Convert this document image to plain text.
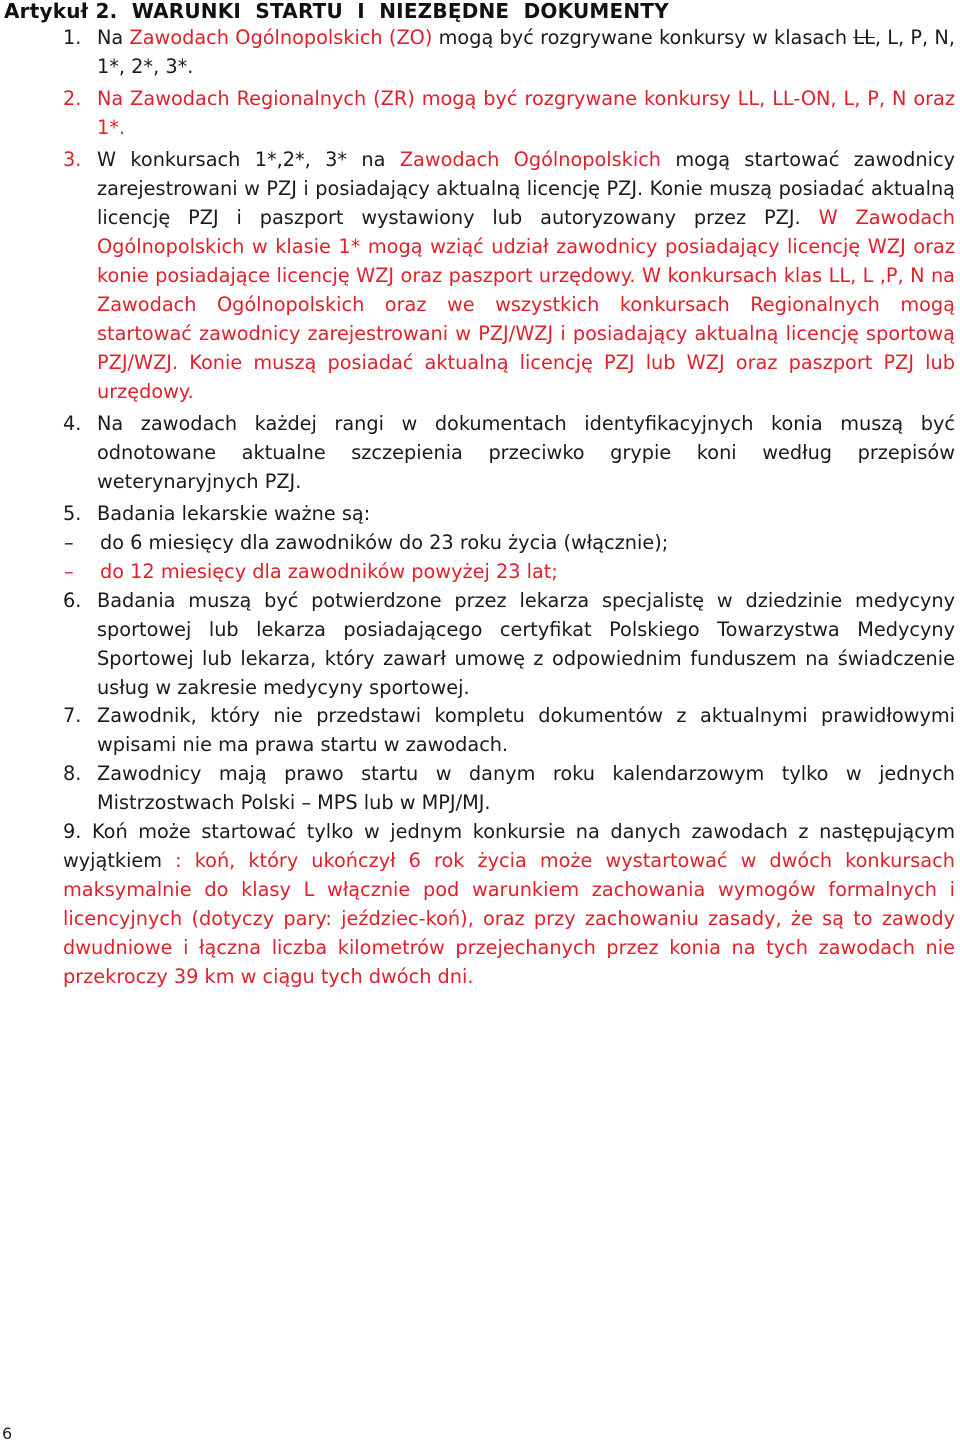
Artykuł 2.  WARUNKI  STARTU  I  NIEZBĘDNE  DOKUMENTY
1. Na Zawodach Ogólnopolskich (ZO) mogą być rozgrywane konkursy w klasach LL, L, P, N, 1*, 2*, 3*.

2. Na Zawodach Regionalnych (ZR) mogą być rozgrywane konkursy LL, LL-ON, L, P, N oraz 1*.

3. W konkursach 1*,2*, 3* na Zawodach Ogólnopolskich mogą startować zawodnicy zarejestrowani w PZJ i posiadający aktualną licencję PZJ. Konie muszą posiadać aktualną licencję PZJ i paszport wystawiony lub autoryzowany przez PZJ. W Zawodach Ogólnopolskich w klasie 1* mogą wziąć udział zawodnicy posiadający licencję WZJ oraz konie posiadające licencję WZJ oraz paszport urzędowy. W konkursach klas LL, L ,P, N na Zawodach Ogólnopolskich oraz we wszystkich konkursach Regionalnych mogą startować zawodnicy zarejestrowani w PZJ/WZJ i posiadający aktualną licencję sportową PZJ/WZJ. Konie muszą posiadać aktualną licencję PZJ lub WZJ oraz paszport PZJ lub urzędowy.

4. Na zawodach każdej rangi w dokumentach identyfikacyjnych konia muszą być odnotowane aktualne szczepienia przeciwko grypie koni według przepisów weterynaryjnych PZJ.

5. Badania lekarskie ważne są:

– do 6 miesięcy dla zawodników do 23 roku życia (włącznie);
– do 12 miesięcy dla zawodników powyżej 23 lat;
6. Badania muszą być potwierdzone przez lekarza specjalistę w dziedzinie medycyny sportowej lub lekarza posiadającego certyfikat Polskiego Towarzystwa Medycyny Sportowej lub lekarza, który zawarł umowę z odpowiednim funduszem na świadczenie usług w zakresie medycyny sportowej.

7. Zawodnik, który nie przedstawi kompletu dokumentów z aktualnymi prawidłowymi wpisami nie ma prawa startu w zawodach.

8. Zawodnicy mają prawo startu w danym roku kalendarzowym tylko w jednych Mistrzostwach Polski – MPS lub w MPJ/MJ.

9. Koń może startować tylko w jednym konkursie na danych zawodach z następującym wyjątkiem : koń, który ukończył 6 rok życia może wystartować w dwóch konkursach maksymalnie do klasy L włącznie pod warunkiem zachowania wymogów formalnych i licencyjnych (dotyczy pary: jeździec-koń), oraz przy zachowaniu zasady, że są to zawody dwudniowe i łączna liczba kilometrów przejechanych przez konia na tych zawodach nie przekroczy 39 km w ciągu tych dwóch dni.
6
